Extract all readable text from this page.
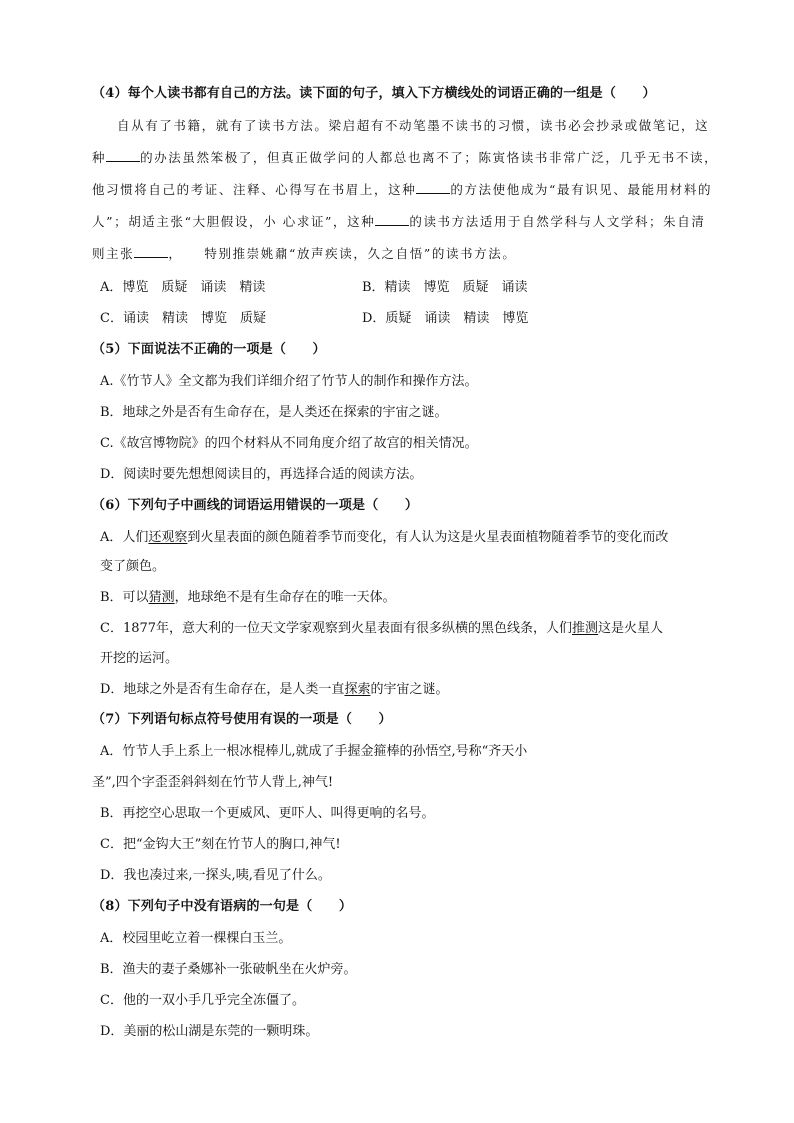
（4）每个人读书都有自己的方法。读下面的句子，填入下方横线处的词语正确的一组是（　　）
自从有了书籍，就有了读书方法。梁启超有不动笔墨不读书的习惯，读书必会抄录或做笔记，这
种	的办法虽然笨极了，但真正做学问的人都总也离不了；陈寅恪读书非常广泛，几乎无书不读，
他习惯将自己的考证、注释、心得写在书眉上，这种	的方法使他成为“最有识见、最能用材料的
人”；胡适主张“大胆假设，小 心求证”，这种	的读书方法适用于自然学科与人文学科；朱自清
则主张	，　　特别推崇姚鼐“放声疾读，久之自悟”的读书方法。
A．博览　质疑　诵读　精读	B．精读　博览　质疑　诵读
C．诵读　精读　博览　质疑	D．质疑　诵读　精读　博览
（5）下面说法不正确的一项是（　　）
A.《竹节人》全文都为我们详细介绍了竹节人的制作和操作方法。
B．地球之外是否有生命存在，是人类还在探索的宇宙之谜。
C.《故宫博物院》的四个材料从不同角度介绍了故宫的相关情况。
D．阅读时要先想想阅读目的，再选择合适的阅读方法。
（6）下列句子中画线的词语运用错误的一项是（　　）
A．人们还观察到火星表面的颜色随着季节而变化，有人认为这是火星表面植物随着季节的变化而改
变了颜色。
B．可以猜测，地球绝不是有生命存在的唯一天体。
C．1877年，意大利的一位天文学家观察到火星表面有很多纵横的黑色线条，人们推测这是火星人
开挖的运河。
D．地球之外是否有生命存在，是人类一直探索的宇宙之谜。
（7）下列语句标点符号使用有误的一项是（　　）
A．竹节人手上系上一根冰棍棒儿,就成了手握金箍棒的孙悟空,号称“齐天小
圣”,四个字歪歪斜斜刻在竹节人背上,神气!
B．再挖空心思取一个更威风、更吓人、叫得更响的名号。
C．把“金钩大王”刻在竹节人的胸口,神气!
D．我也凑过来,一探头,咦,看见了什么。
（8）下列句子中没有语病的一句是（　　）
A．校园里屹立着一棵棵白玉兰。
B．渔夫的妻子桑娜补一张破帆坐在火炉旁。
C．他的一双小手几乎完全冻僵了。
D．美丽的松山湖是东莞的一颗明珠。
